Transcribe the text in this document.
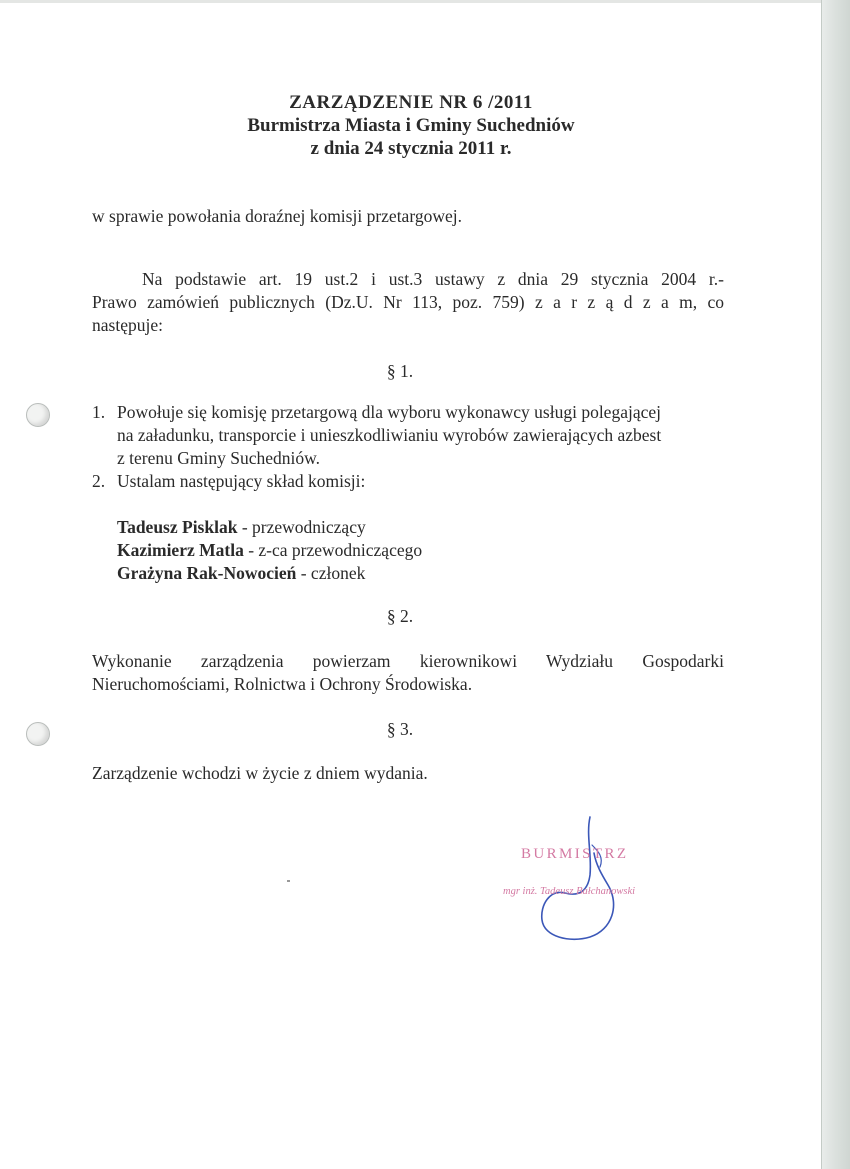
ZARZĄDZENIE NR 6 /2011
Burmistrza Miasta i Gminy Suchedniów
z dnia 24 stycznia 2011 r.
w sprawie powołania doraźnej komisji przetargowej.
Na podstawie art. 19 ust.2 i ust.3 ustawy z dnia 29 stycznia 2004 r.-
Prawo zamówień publicznych (Dz.U. Nr 113, poz. 759) z a r z ą d z a m, co
następuje:
§ 1.
1. Powołuje się komisję przetargową dla wyboru wykonawcy usługi polegającej
na załadunku, transporcie i unieszkodliwianiu wyrobów zawierających azbest
z terenu Gminy Suchedniów.
2. Ustalam następujący skład komisji:
Tadeusz Pisklak - przewodniczący
Kazimierz Matla - z-ca przewodniczącego
Grażyna Rak-Nowocień - członek
§ 2.
Wykonanie zarządzenia powierzam kierownikowi Wydziału Gospodarki
Nieruchomościami, Rolnictwa i Ochrony Środowiska.
§ 3.
Zarządzenie wchodzi w życie z dniem wydania.
BURMISTRZ
mgr inż. Tadeusz Bałchanowski
